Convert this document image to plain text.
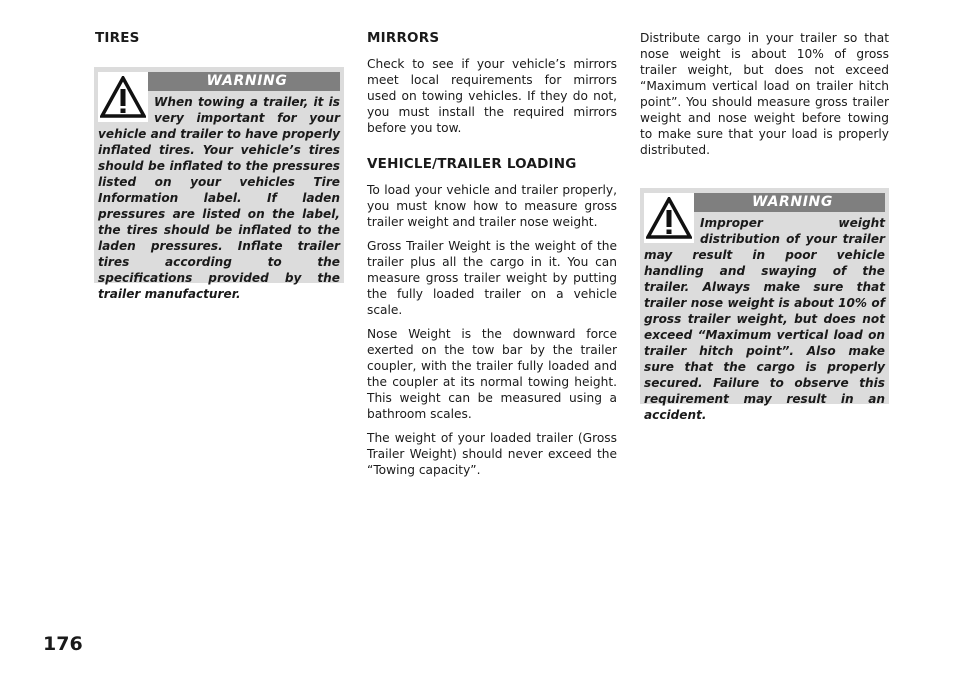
TIRES
WARNING

When towing a trailer, it is very important for your vehicle and trailer to have properly inflated tires. Your vehicle’s tires should be inflated to the pressures listed on your vehicles Tire Information label. If laden pressures are listed on the label, the tires should be inflated to the laden pressures. Inflate trailer tires according to the specifications provided by the trailer manufacturer.

MIRRORS

Check to see if your vehicle’s mirrors meet local requirements for mirrors used on towing vehicles. If they do not, you must install the required mirrors before you tow.

VEHICLE/TRAILER LOADING

To load your vehicle and trailer properly, you must know how to measure gross trailer weight and trailer nose weight.

Gross Trailer Weight is the weight of the trailer plus all the cargo in it. You can measure gross trailer weight by putting the fully loaded trailer on a vehicle scale.

Nose Weight is the downward force exerted on the tow bar by the trailer coupler, with the trailer fully loaded and the coupler at its normal towing height. This weight can be measured using a bathroom scales.

The weight of your loaded trailer (Gross Trailer Weight) should never exceed the “Towing capacity”.

Distribute cargo in your trailer so that nose weight is about 10% of gross trailer weight, but does not exceed “Maximum vertical load on trailer hitch point”. You should measure gross trailer weight and nose weight before towing to make sure that your load is properly distributed.

WARNING

Improper weight distribution of your trailer may result in poor vehicle handling and swaying of the trailer. Always make sure that trailer nose weight is about 10% of gross trailer weight, but does not exceed “Maximum vertical load on trailer hitch point”. Also make sure that the cargo is properly secured. Failure to observe this requirement may result in an accident.

176
